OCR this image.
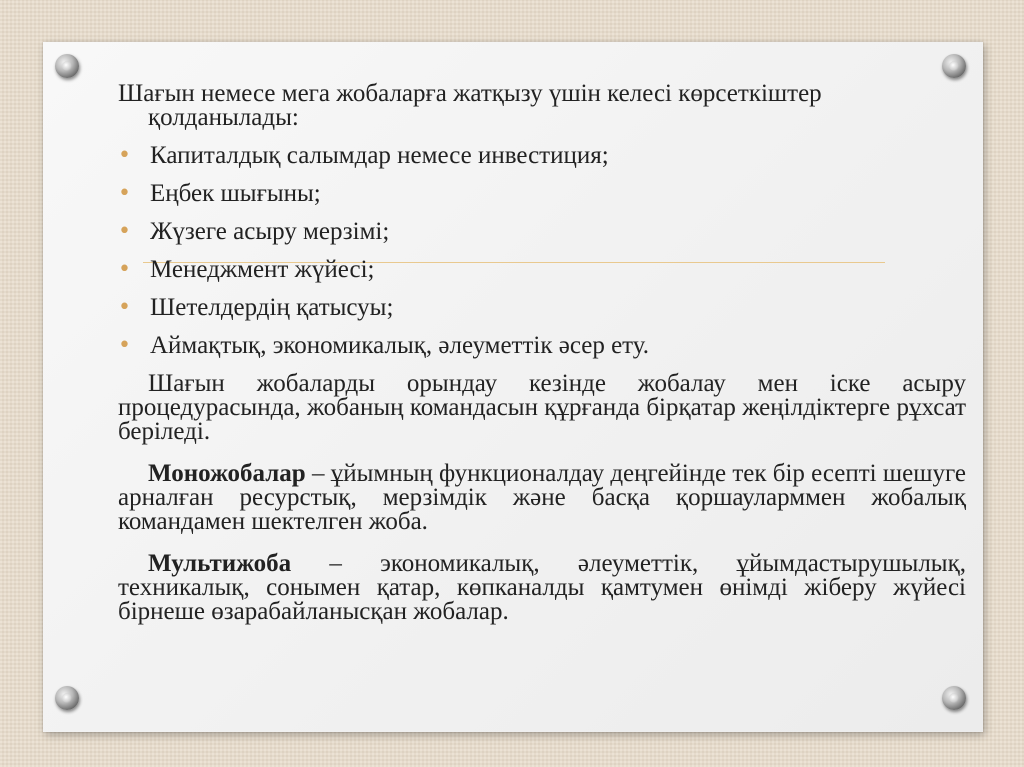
Шағын немесе мега жобаларға жатқызу үшін келесі көрсеткіштер қолданылады:

• Капиталдық салымдар немесе инвестиция;
• Еңбек шығыны;
• Жүзеге асыру мерзімі;
• Менеджмент жүйесі;
• Шетелдердің қатысуы;
• Аймақтық, экономикалық, әлеуметтік әсер ету.

Шағын жобаларды орындау кезінде жобалау мен іске асыру процедурасында, жобаның командасын құрғанда бірқатар жеңілдіктерге рұхсат беріледі.

Моножобалар – ұйымның функционалдау деңгейінде тек бір есепті шешуге арналған ресурстық, мерзімдік және басқа қоршауларммен жобалық командамен шектелген жоба.

Мультижоба – экономикалық, әлеуметтік, ұйымдастырушылық, техникалық, сонымен қатар, көпканалды қамтумен өнімді жіберу жүйесі бірнеше өзарабайланысқан жобалар.
